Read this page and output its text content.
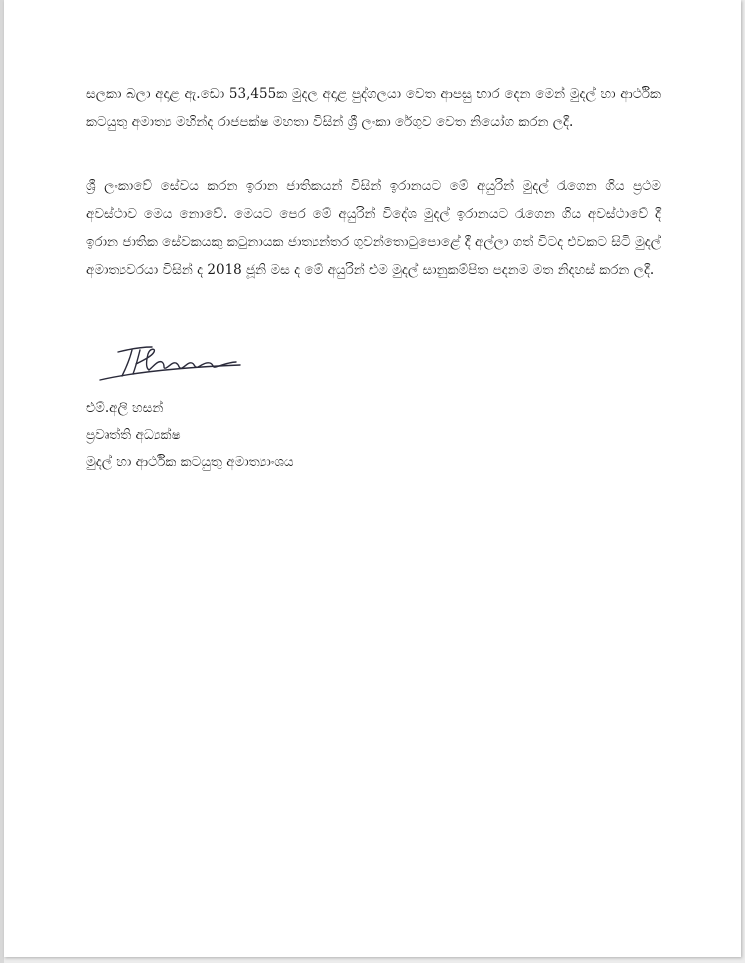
සලකා බලා අදාළ ඇ.ඩො 53,455ක මුදල අදාළ පුද්ගලයා වෙත ආපසු භාර දෙන මෙන් මුදල් හා ආර්ථික කටයුතු අමාත්‍ය මහින්ද රාජපක්ෂ මහතා විසින් ශ්‍රී ලංකා රේගුව වෙත නියෝග කරන ලදී.

ශ්‍රී ලංකාවේ සේවය කරන ඉරාන ජාතිකයන් විසින් ඉරානයට මේ අයුරින් මුදල් රැගෙන ගිය ප්‍රථම අවස්ථාව මෙය නොවේ. මෙයට පෙර මේ අයුරින් විදේශ මුදල් ඉරානයට රැගෙන ගිය අවස්ථාවේ දී ඉරාන ජාතික සේවකයකු කටුනායක ජාත්‍යන්තර ගුවන්තොටුපොළේ දී අල්ලා ගත් විටද එවකට සිටි මුදල් අමාත්‍යවරයා විසින් ද 2018 ජූනි මස ද මේ අයුරින් එම මුදල් සානුකම්පිත පදනම මත නිදහස් කරන ලදී.

එම්.අලි හසන්

ප්‍රවෘත්ති අධ්‍යක්ෂ

මුදල් හා ආර්ථික කටයුතු අමාත්‍යාංශය
